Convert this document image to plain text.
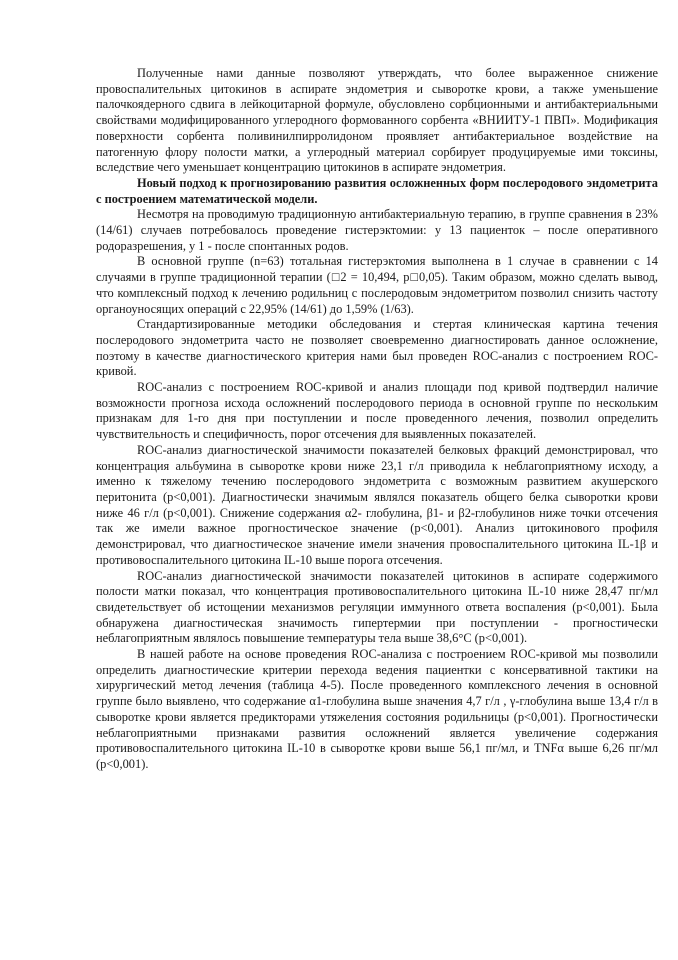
Полученные нами данные позволяют утверждать, что более выраженное снижение провоспалительных цитокинов в аспирате эндометрия и сыворотке крови, а также уменьшение палочкоядерного сдвига в лейкоцитарной формуле, обусловлено сорбционными и антибактериальными свойствами модифицированного углеродного формованного сорбента «ВНИИТУ-1 ПВП». Модификация поверхности сорбента поливинилпирролидоном проявляет антибактериальное воздействие на патогенную флору полости матки, а углеродный материал сорбирует продуцируемые ими токсины, вследствие чего уменьшает концентрацию цитокинов в аспирате эндометрия.

Новый подход к прогнозированию развития осложненных форм послеродового эндометрита с построением математической модели.

Несмотря на проводимую традиционную антибактериальную терапию, в группе сравнения в 23% (14/61) случаев потребовалось проведение гистерэктомии: у 13 пациенток – после оперативного родоразрешения, у 1 - после спонтанных родов.

В основной группе (n=63) тотальная гистерэктомия выполнена в 1 случае в сравнении с 14 случаями в группе традиционной терапии (□2 = 10,494, р□0,05). Таким образом, можно сделать вывод, что комплексный подход к лечению родильниц с послеродовым эндометритом позволил снизить частоту органоуносящих операций с 22,95% (14/61) до 1,59% (1/63).

Стандартизированные методики обследования и стертая клиническая картина течения послеродового эндометрита часто не позволяет своевременно диагностировать данное осложнение, поэтому в качестве диагностического критерия нами был проведен ROC-анализ с построением ROC-кривой.

ROC-анализ с построением ROC-кривой и анализ площади под кривой подтвердил наличие возможности прогноза исхода осложнений послеродового периода в основной группе по нескольким признакам для 1-го дня при поступлении и после проведенного лечения, позволил определить чувствительность и специфичность, порог отсечения для выявленных показателей.

ROC-анализ диагностической значимости показателей белковых фракций демонстрировал, что концентрация альбумина в сыворотке крови ниже 23,1 г/л приводила к неблагоприятному исходу, а именно к тяжелому течению послеродового эндометрита с возможным развитием акушерского перитонита (р<0,001). Диагностически значимым являлся показатель общего белка сыворотки крови ниже 46 г/л (р<0,001). Снижение содержания α2- глобулина, β1- и β2-глобулинов ниже точки отсечения так же имели важное прогностическое значение (р<0,001). Анализ цитокинового профиля демонстрировал, что диагностическое значение имели значения провоспалительного цитокина IL-1β и противовоспалительного цитокина IL-10 выше порога отсечения.

ROC-анализ диагностической значимости показателей цитокинов в аспирате содержимого полости матки показал, что концентрация противовоспалительного цитокина IL-10 ниже 28,47 пг/мл свидетельствует об истощении механизмов регуляции иммунного ответа воспаления (р<0,001). Была обнаружена диагностическая значимость гипертермии при поступлении - прогностически неблагоприятным являлось повышение температуры тела выше 38,6°С (р<0,001).

В нашей работе на основе проведения ROC-анализа с построением ROC-кривой мы позволили определить диагностические критерии перехода ведения пациентки с консервативной тактики на хирургический метод лечения (таблица 4-5). После проведенного комплексного лечения в основной группе было выявлено, что содержание α1-глобулина выше значения 4,7 г/л , γ-глобулина выше 13,4 г/л в сыворотке крови является предикторами утяжеления состояния родильницы (р<0,001). Прогностически неблагоприятными признаками развития осложнений является увеличение содержания противовоспалительного цитокина IL-10 в сыворотке крови выше 56,1 пг/мл, и TNFα выше 6,26 пг/мл (р<0,001).
